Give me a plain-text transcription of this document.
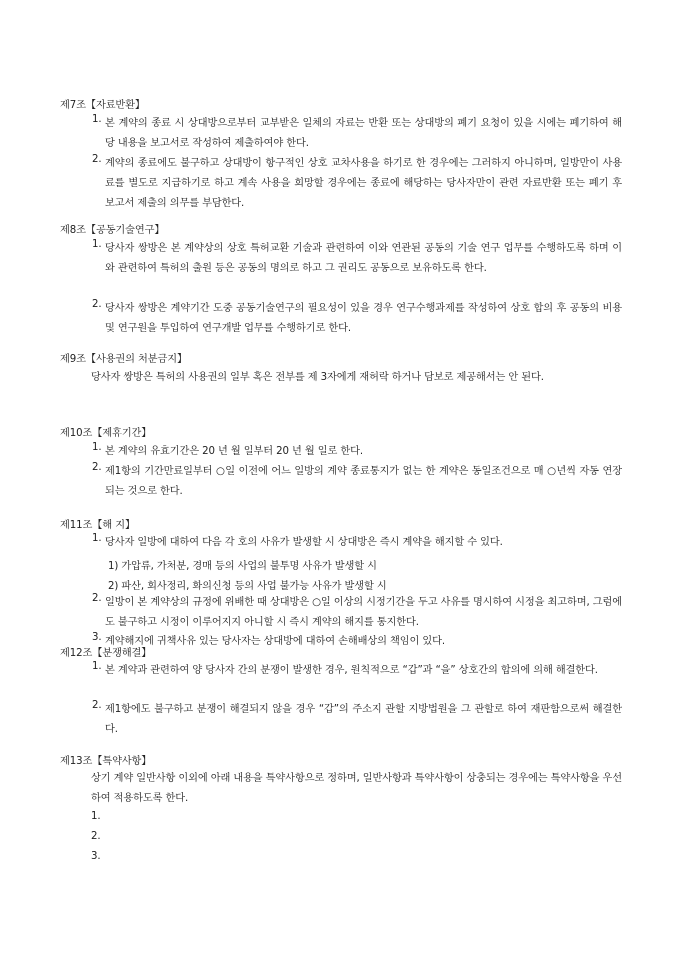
제7조【자료반환】
1. 본 계약의 종료 시 상대방으로부터 교부받은 일체의 자료는 반환 또는 상대방의 폐기 요청이 있을 시에는 폐기하여 해당 내용을 보고서로 작성하여 제출하여야 한다.
2. 계약의 종료에도 불구하고 상대방이 항구적인 상호 교차사용을 하기로 한 경우에는 그러하지 아니하며, 일방만이 사용료를 별도로 지급하기로 하고 계속 사용을 희망할 경우에는 종료에 해당하는 당사자만이 관련 자료반환 또는 폐기 후 보고서 제출의 의무를 부담한다.
제8조【공동기술연구】
1. 당사자 쌍방은 본 계약상의 상호 특허교환 기술과 관련하여 이와 연관된 공동의 기술 연구 업무를 수행하도록 하며 이와 관련하여 특허의 출원 등은 공동의 명의로 하고 그 권리도 공동으로 보유하도록 한다.
2. 당사자 쌍방은 계약기간 도중 공동기술연구의 필요성이 있을 경우 연구수행과제를 작성하여 상호 합의 후 공동의 비용 및 연구원을 투입하여 연구개발 업무를 수행하기로 한다.
제9조【사용권의 처분금지】
당사자 쌍방은 특허의 사용권의 일부 혹은 전부를 제 3자에게 재허락 하거나 담보로 제공해서는 안 된다.
제10조【제휴기간】
1. 본 계약의 유효기간은 20 년 월 일부터 20 년 월 일로 한다.
2. 제1항의 기간만료일부터 ○일 이전에 어느 일방의 계약 종료통지가 없는 한 계약은 동일조건으로 매 ○년씩 자동 연장되는 것으로 한다.
제11조【해 지】
1. 당사자 일방에 대하여 다음 각 호의 사유가 발생할 시 상대방은 즉시 계약을 해지할 수 있다.
1) 가압류, 가처분, 경매 등의 사업의 불투명 사유가 발생할 시
2) 파산, 회사정리, 화의신청 등의 사업 불가능 사유가 발생할 시
2. 일방이 본 계약상의 규정에 위배한 때 상대방은 ○일 이상의 시정기간을 두고 사유를 명시하여 시정을 최고하며, 그럼에도 불구하고 시정이 이루어지지 아니할 시 즉시 계약의 해지를 통지한다.
3. 계약해지에 귀책사유 있는 당사자는 상대방에 대하여 손해배상의 책임이 있다.
제12조【분쟁해결】
1. 본 계약과 관련하여 양 당사자 간의 분쟁이 발생한 경우, 원칙적으로 “갑”과 “을” 상호간의 합의에 의해 해결한다.
2. 제1항에도 불구하고 분쟁이 해결되지 않을 경우 “갑”의 주소지 관할 지방법원을 그 관할로 하여 재판함으로써 해결한다.
제13조【특약사항】
상기 계약 일반사항 이외에 아래 내용을 특약사항으로 정하며, 일반사항과 특약사항이 상충되는 경우에는 특약사항을 우선하여 적용하도록 한다.
1.
2.
3.
